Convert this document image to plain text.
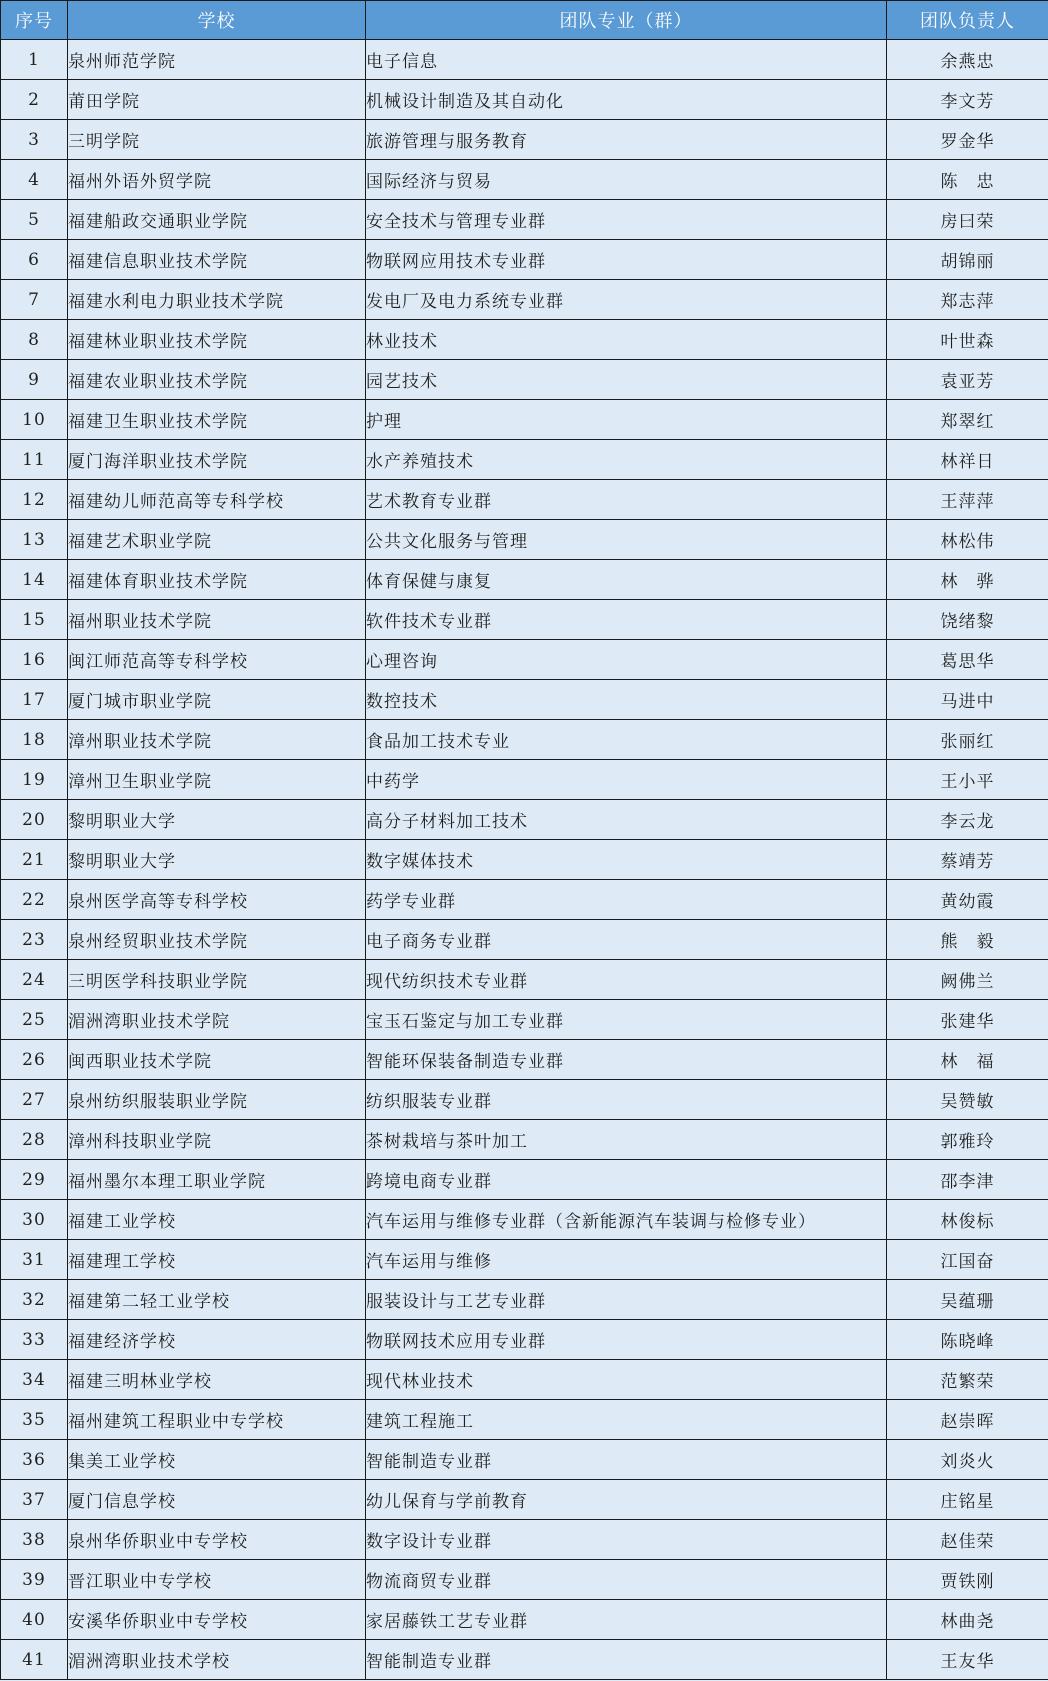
序号	学校	团队专业（群）	团队负责人
1	泉州师范学院	电子信息	余燕忠
2	莆田学院	机械设计制造及其自动化	李文芳
3	三明学院	旅游管理与服务教育	罗金华
4	福州外语外贸学院	国际经济与贸易	陈　忠
5	福建船政交通职业学院	安全技术与管理专业群	房曰荣
6	福建信息职业技术学院	物联网应用技术专业群	胡锦丽
7	福建水利电力职业技术学院	发电厂及电力系统专业群	郑志萍
8	福建林业职业技术学院	林业技术	叶世森
9	福建农业职业技术学院	园艺技术	袁亚芳
10	福建卫生职业技术学院	护理	郑翠红
11	厦门海洋职业技术学院	水产养殖技术	林祥日
12	福建幼儿师范高等专科学校	艺术教育专业群	王萍萍
13	福建艺术职业学院	公共文化服务与管理	林松伟
14	福建体育职业技术学院	体育保健与康复	林　骅
15	福州职业技术学院	软件技术专业群	饶绪黎
16	闽江师范高等专科学校	心理咨询	葛思华
17	厦门城市职业学院	数控技术	马进中
18	漳州职业技术学院	食品加工技术专业	张丽红
19	漳州卫生职业学院	中药学	王小平
20	黎明职业大学	高分子材料加工技术	李云龙
21	黎明职业大学	数字媒体技术	蔡靖芳
22	泉州医学高等专科学校	药学专业群	黄幼霞
23	泉州经贸职业技术学院	电子商务专业群	熊　毅
24	三明医学科技职业学院	现代纺织技术专业群	阙佛兰
25	湄洲湾职业技术学院	宝玉石鉴定与加工专业群	张建华
26	闽西职业技术学院	智能环保装备制造专业群	林　福
27	泉州纺织服装职业学院	纺织服装专业群	吴赞敏
28	漳州科技职业学院	茶树栽培与茶叶加工	郭雅玲
29	福州墨尔本理工职业学院	跨境电商专业群	邵李津
30	福建工业学校	汽车运用与维修专业群（含新能源汽车装调与检修专业）	林俊标
31	福建理工学校	汽车运用与维修	江国奋
32	福建第二轻工业学校	服装设计与工艺专业群	吴蕴珊
33	福建经济学校	物联网技术应用专业群	陈晓峰
34	福建三明林业学校	现代林业技术	范繁荣
35	福州建筑工程职业中专学校	建筑工程施工	赵崇晖
36	集美工业学校	智能制造专业群	刘炎火
37	厦门信息学校	幼儿保育与学前教育	庄铭星
38	泉州华侨职业中专学校	数字设计专业群	赵佳荣
39	晋江职业中专学校	物流商贸专业群	贾铁刚
40	安溪华侨职业中专学校	家居藤铁工艺专业群	林曲尧
41	湄洲湾职业技术学校	智能制造专业群	王友华
